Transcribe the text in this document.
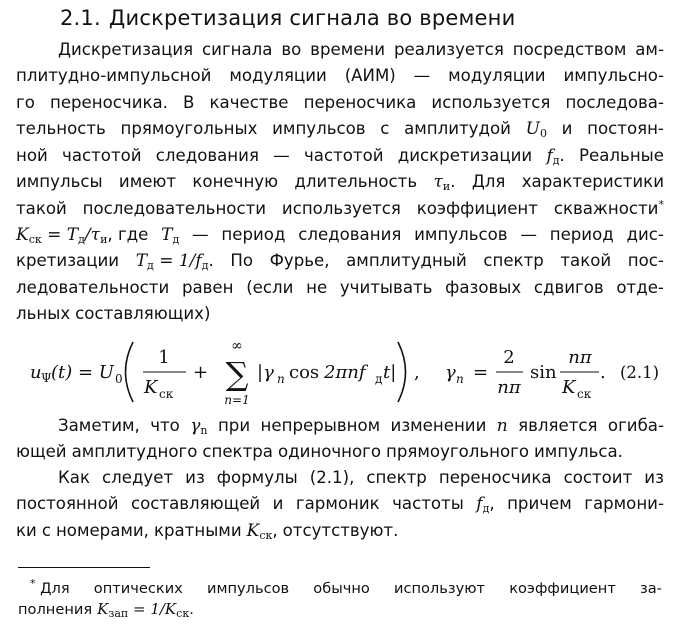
2.1. Дискретизация сигнала во времени
Дискретизация сигнала во времени реализуется посредством ам-
плитудно-импульсной модуляции (АИМ) — модуляции импульсно-
го переносчика. В качестве переносчика используется последова-
тельность прямоугольных импульсов с амплитудой $U_0$ и постоян-
ной частотой следования — частотой дискретизации $f_д$. Реальные
импульсы имеют конечную длительность $\tau_и$. Для характеристики
такой последовательности используется коэффициент скважности*
$K_{ск} = T_д/\tau_и$, где $T_д$ — период следования импульсов — период дис-
кретизации $T_д = 1/f_д$. По Фурье, амплитудный спектр такой пос-
ледовательности равен (если не учитывать фазовых сдвигов отде-
льных составляющих)
u Ψ (t) = U 0
1
K ск
+
∞
∑
n=1
|γ n cos 2πnf д t| , γ n =
2
nπ
sin
nπ
K ск
. (2.1)
Заметим, что $\gamma_n$ при непрерывном изменении n является огиба-
ющей амплитудного спектра одиночного прямоугольного импульса.
Как следует из формулы (2.1), спектр переносчика состоит из
постоянной составляющей и гармоник частоты $f_д$, причем гармони-
ки с номерами, кратными $K_{ск}$, отсутствуют.
* Для оптических импульсов обычно используют коэффициент за-
полнения $K_{зап} = 1/K_{ск}$.
